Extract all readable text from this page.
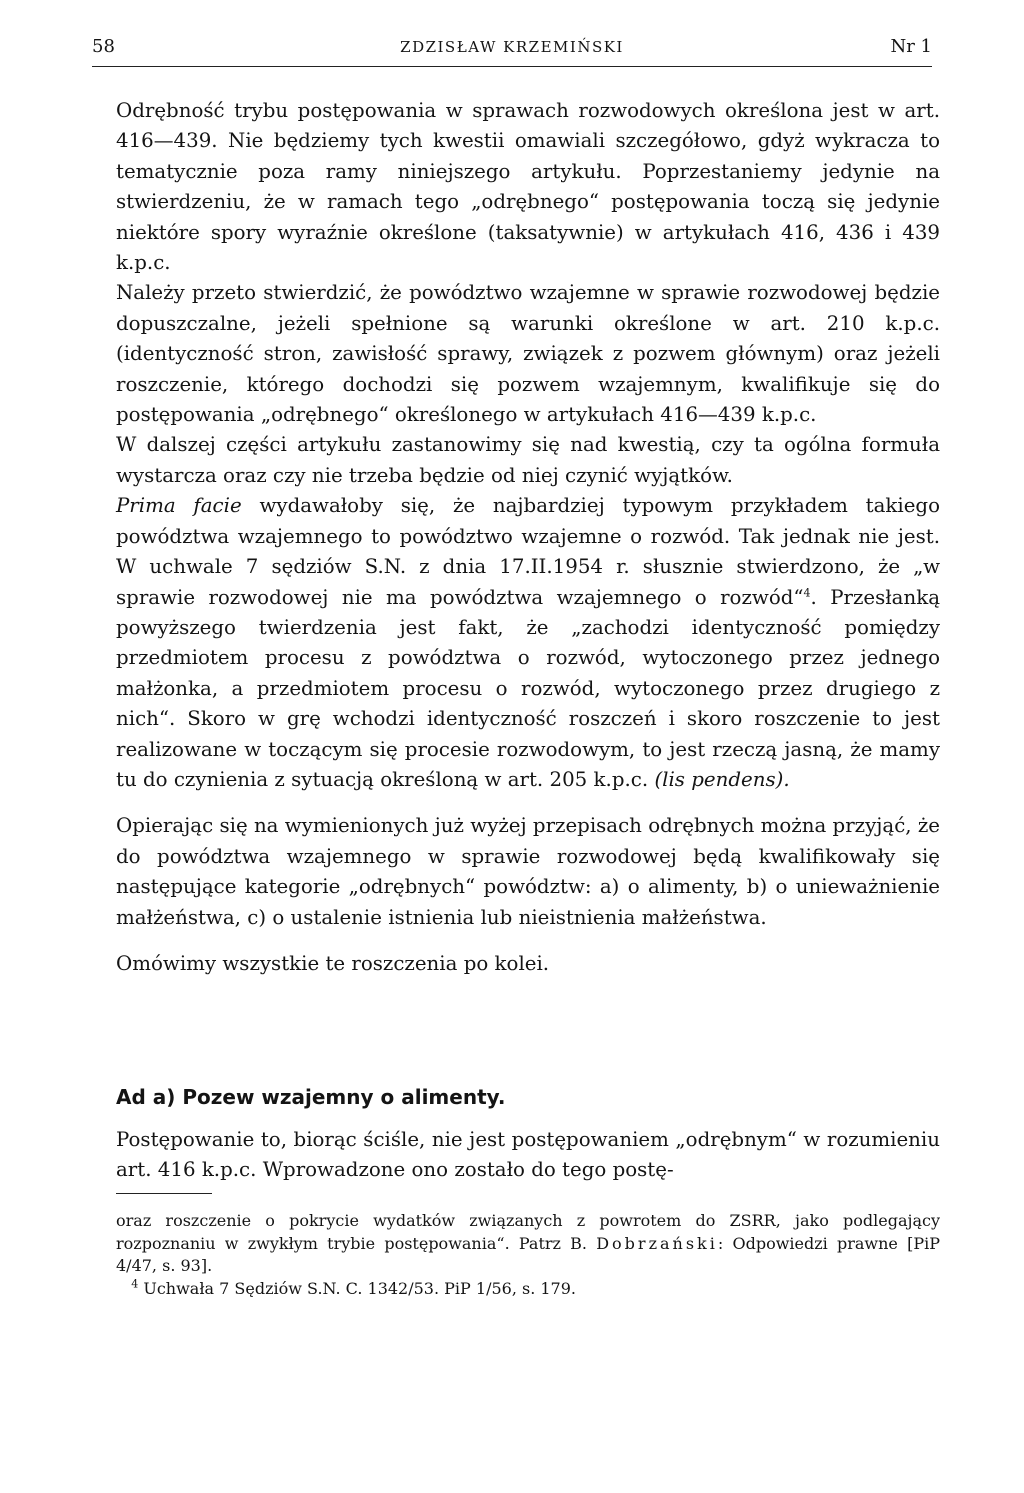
58	ZDZISŁAW KRZEMIŃSKI	Nr 1

Odrębność trybu postępowania w sprawach rozwodowych określona jest w art. 416—439. Nie będziemy tych kwestii omawiali szczegółowo, gdyż wykracza to tematycznie poza ramy niniejszego artykułu. Poprzestaniemy jedynie na stwierdzeniu, że w ramach tego „odrębnego“ postępowania toczą się jedynie niektóre spory wyraźnie określone (taksatywnie) w artykułach 416, 436 i 439 k.p.c.

Należy przeto stwierdzić, że powództwo wzajemne w sprawie rozwodowej będzie dopuszczalne, jeżeli spełnione są warunki określone w art. 210 k.p.c. (identyczność stron, zawisłość sprawy, związek z pozwem głównym) oraz jeżeli roszczenie, którego dochodzi się pozwem wzajemnym, kwalifikuje się do postępowania „odrębnego“ określonego w artykułach 416—439 k.p.c.

W dalszej części artykułu zastanowimy się nad kwestią, czy ta ogólna formuła wystarcza oraz czy nie trzeba będzie od niej czynić wyjątków.

Prima facie wydawałoby się, że najbardziej typowym przykładem takiego powództwa wzajemnego to powództwo wzajemne o rozwód. Tak jednak nie jest. W uchwale 7 sędziów S.N. z dnia 17.II.1954 r. słusznie stwierdzono, że „w sprawie rozwodowej nie ma powództwa wzajemnego o rozwód“$^4$. Przesłanką powyższego twierdzenia jest fakt, że „zachodzi identyczność pomiędzy przedmiotem procesu z powództwa o rozwód, wytoczonego przez jednego małżonka, a przedmiotem procesu o rozwód, wytoczonego przez drugiego z nich“. Skoro w grę wchodzi identyczność roszczeń i skoro roszczenie to jest realizowane w toczącym się procesie rozwodowym, to jest rzeczą jasną, że mamy tu do czynienia z sytuacją określoną w art. 205 k.p.c. (lis pendens).

Opierając się na wymienionych już wyżej przepisach odrębnych można przyjąć, że do powództwa wzajemnego w sprawie rozwodowej będą kwalifikowały się następujące kategorie „odrębnych“ powództw: a) o alimenty, b) o unieważnienie małżeństwa, c) o ustalenie istnienia lub nieistnienia małżeństwa.

Omówimy wszystkie te roszczenia po kolei.

Ad a) Pozew wzajemny o alimenty.

Postępowanie to, biorąc ściśle, nie jest postępowaniem „odrębnym“ w rozumieniu art. 416 k.p.c. Wprowadzone ono zostało do tego postę-

oraz roszczenie o pokrycie wydatków związanych z powrotem do ZSRR, jako podlegający rozpoznaniu w zwykłym trybie postępowania“. Patrz B. Dobrzański: Odpowiedzi prawne [PiP 4/47, s. 93].

$^4$ Uchwała 7 Sędziów S.N. C. 1342/53. PiP 1/56, s. 179.
